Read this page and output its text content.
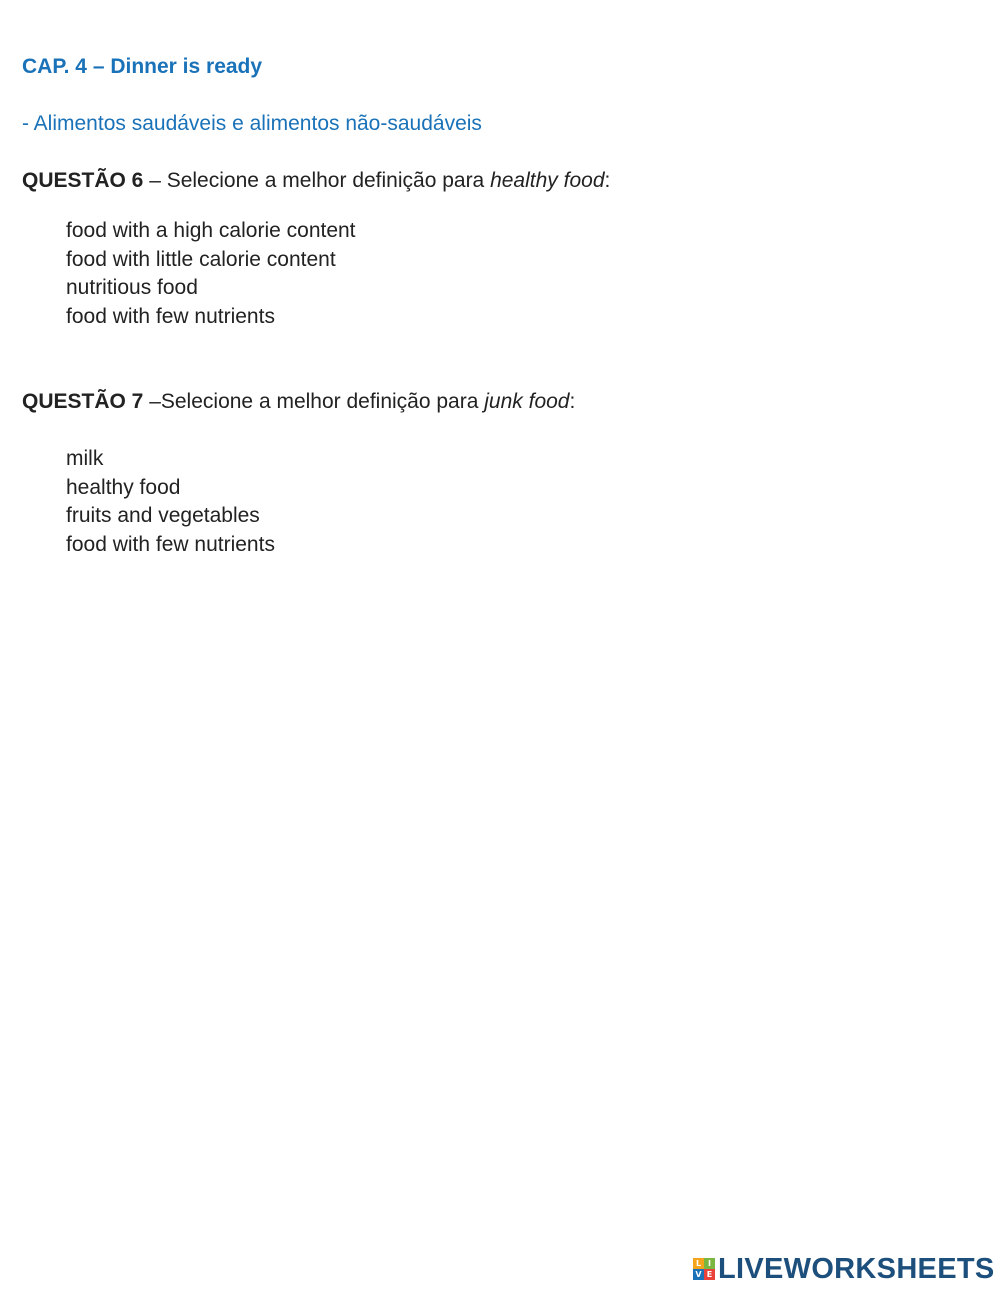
CAP. 4 – Dinner is ready

- Alimentos saudáveis e alimentos não-saudáveis

QUESTÃO 6 – Selecione a melhor definição para healthy food:

food with a high calorie content
food with little calorie content
nutritious food
food with few nutrients

QUESTÃO 7 –Selecione a melhor definição para junk food:

milk
healthy food
fruits and vegetables
food with few nutrients
L I
V E LIVEWORKSHEETS
